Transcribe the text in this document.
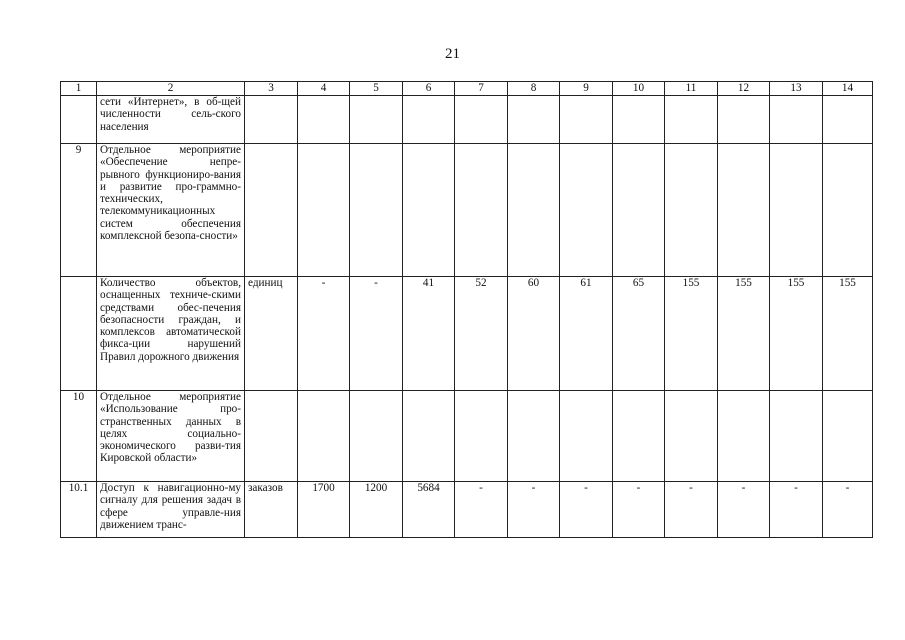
21
1	2	3	4	5	6	7	8	9	10	11	12	13	14
	сети «Интернет», в об-щей численности сель-ского населения												
9	Отдельное мероприятие «Обеспечение непре-рывного функциониро-вания и развитие про-граммно-технических, телекоммуникационных систем обеспечения комплексной безопа-сности»												
	Количество объектов, оснащенных техниче-скими средствами обес-печения безопасности граждан, и комплексов автоматической фикса-ции нарушений Правил дорожного движения	единиц	-	-	41	52	60	61	65	155	155	155	155
10	Отдельное мероприятие «Использование про-странственных данных в целях социально-экономического разви-тия Кировской области»												
10.1	Доступ к навигационно-му сигналу для решения задач в сфере управле-ния движением транс-	заказов	1700	1200	5684	-	-	-	-	-	-	-	-
